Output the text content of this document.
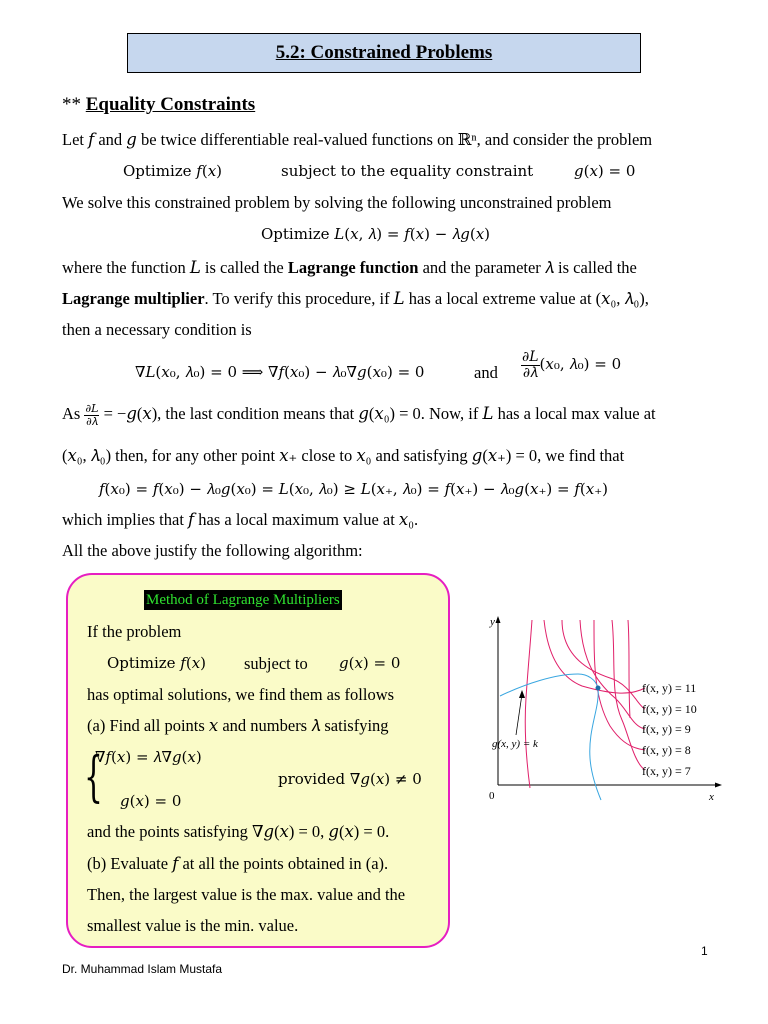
5.2: Constrained Problems
** Equality Constraints
Let 𝑓 and 𝑔 be twice differentiable real-valued functions on ℝⁿ, and consider the problem
Optimize 𝑓(𝑥)	subject to the equality constraint	𝑔(𝑥) = 0
We solve this constrained problem by solving the following unconstrained problem
Optimize 𝐿(𝑥, 𝜆) = 𝑓(𝑥) − 𝜆𝑔(𝑥)
where the function 𝐿 is called the Lagrange function and the parameter 𝜆 is called the
Lagrange multiplier. To verify this procedure, if 𝐿 has a local extreme value at (𝑥₀, 𝜆₀),
then a necessary condition is
∇𝐿(𝑥₀, 𝜆₀) = 0 ⟹ ∇𝑓(𝑥₀) − 𝜆₀∇𝑔(𝑥₀) = 0	and $\frac{\text{∂𝐿}}{\text{∂𝜆}}$ (𝑥₀, 𝜆₀) = 0
As $\frac{\text{∂𝐿}}{\text{∂𝜆}}$ = −𝑔(𝑥), the last condition means that 𝑔(𝑥₀) = 0. Now, if 𝐿 has a local max value at
(𝑥₀, 𝜆₀) then, for any other point 𝑥₊ close to 𝑥₀ and satisfying 𝑔(𝑥₊) = 0, we find that
𝑓(𝑥₀) = 𝑓(𝑥₀) − 𝜆₀𝑔(𝑥₀) = 𝐿(𝑥₀, 𝜆₀) ≥ 𝐿(𝑥₊, 𝜆₀) = 𝑓(𝑥₊) − 𝜆₀𝑔(𝑥₊) = 𝑓(𝑥₊)
which implies that 𝑓 has a local maximum value at 𝑥₀.
All the above justify the following algorithm:
Method of Lagrange Multipliers
If the problem
Optimize 𝑓(𝑥) subject to 𝑔(𝑥) = 0
has optimal solutions, we find them as follows
(a) Find all points 𝑥 and numbers 𝜆 satisfying
{
∇𝑓(𝑥) = 𝜆∇𝑔(𝑥)
provided ∇𝑔(𝑥) ≠ 0
𝑔(𝑥) = 0
and the points satisfying ∇𝑔(𝑥) = 0, 𝑔(𝑥) = 0.
(b) Evaluate 𝑓 at all the points obtained in (a).
Then, the largest value is the max. value and the
smallest value is the min. value.
y
x
0
g(x, y) = k
f(x, y) = 11
f(x, y) = 10
f(x, y) = 9
f(x, y) = 8
f(x, y) = 7
1
Dr. Muhammad Islam Mustafa
